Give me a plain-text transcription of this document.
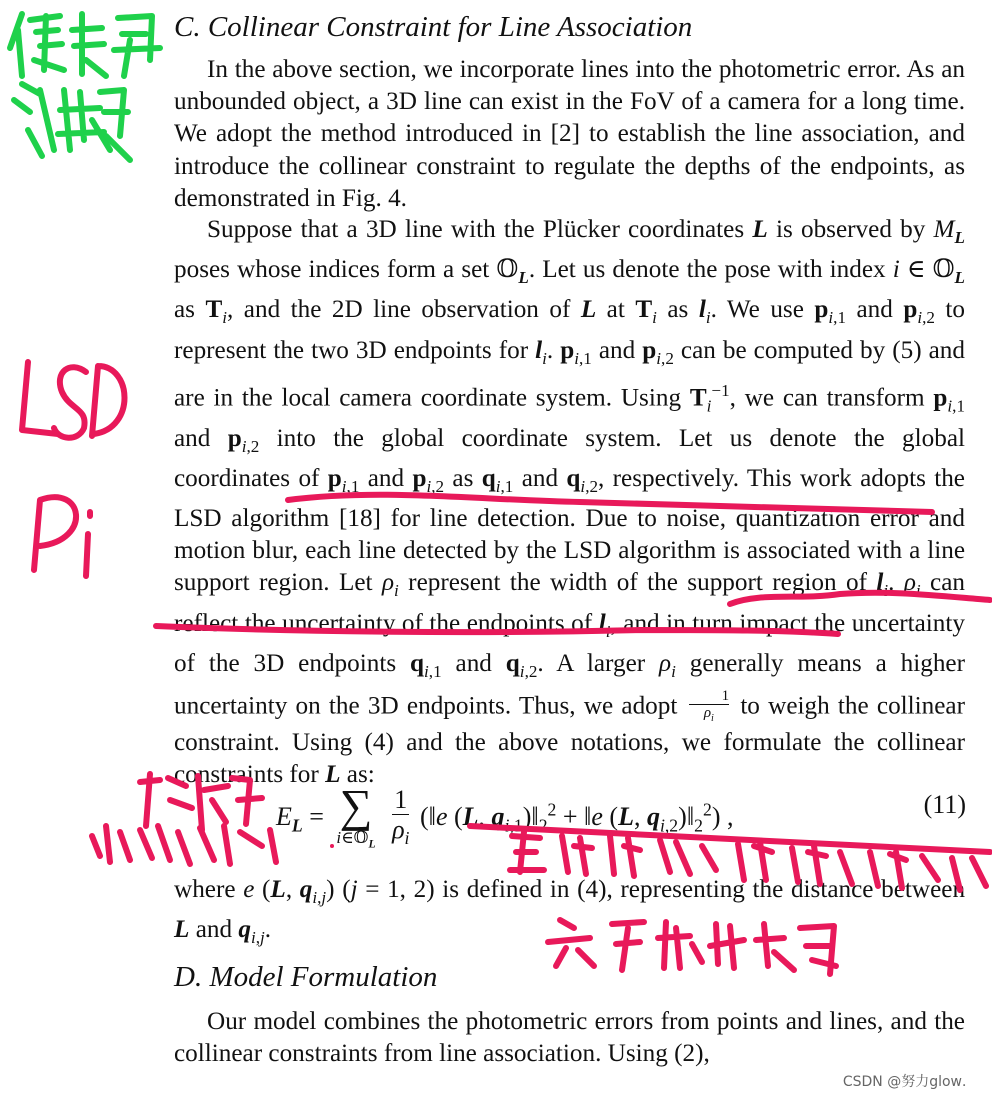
C. Collinear Constraint for Line Association

In the above section, we incorporate lines into the photometric error. As an unbounded object, a 3D line can exist in the FoV of a camera for a long time. We adopt the method introduced in [2] to establish the line association, and introduce the collinear constraint to regulate the depths of the endpoints, as demonstrated in Fig. 4.

Suppose that a 3D line with the Plücker coordinates L is observed by $M_L$ poses whose indices form a set 𝕆$_L$. Let us denote the pose with index i ∈ 𝕆$_L$ as $T_i$, and the 2D line observation of L at $T_i$ as $l_i$. We use $p_{i,1}$ and $p_{i,2}$ to represent the two 3D endpoints for $l_i$. $p_{i,1}$ and $p_{i,2}$ can be computed by (5) and are in the local camera coordinate system. Using $T_i^{-1}$, we can transform $p_{i,1}$ and $p_{i,2}$ into the global coordinate system. Let us denote the global coordinates of $p_{i,1}$ and $p_{i,2}$ as $q_{i,1}$ and $q_{i,2}$, respectively. This work adopts the LSD algorithm [18] for line detection. Due to noise, quantization error and motion blur, each line detected by the LSD algorithm is associated with a line support region. Let $\rho_i$ represent the width of the support region of $l_i$. $\rho_i$ can reflect the uncertainty of the endpoints of $l_i$, and in turn impact the uncertainty of the 3D endpoints $q_{i,1}$ and $q_{i,2}$. A larger $\rho_i$ generally means a higher uncertainty on the 3D endpoints. Thus, we adopt $\frac{1}{\rho_i}$ to weigh the collinear constraint. Using (4) and the above notations, we formulate the collinear constraints for L as:

$E_L$ = ∑
i∈𝕆$_L$
$\frac{1}{\rho_i}$ (‖e (L, $q_{i,1})‖_2^2$ + ‖e (L, $q_{i,2})‖_2^2$) ,	(11)

where e (L, $q_{i,j}$) (j = 1, 2) is defined in (4), representing the distance between L and $q_{i,j}$.

D. Model Formulation

Our model combines the photometric errors from points and lines, and the collinear constraints from line association. Using (2),

CSDN @努力glow．
